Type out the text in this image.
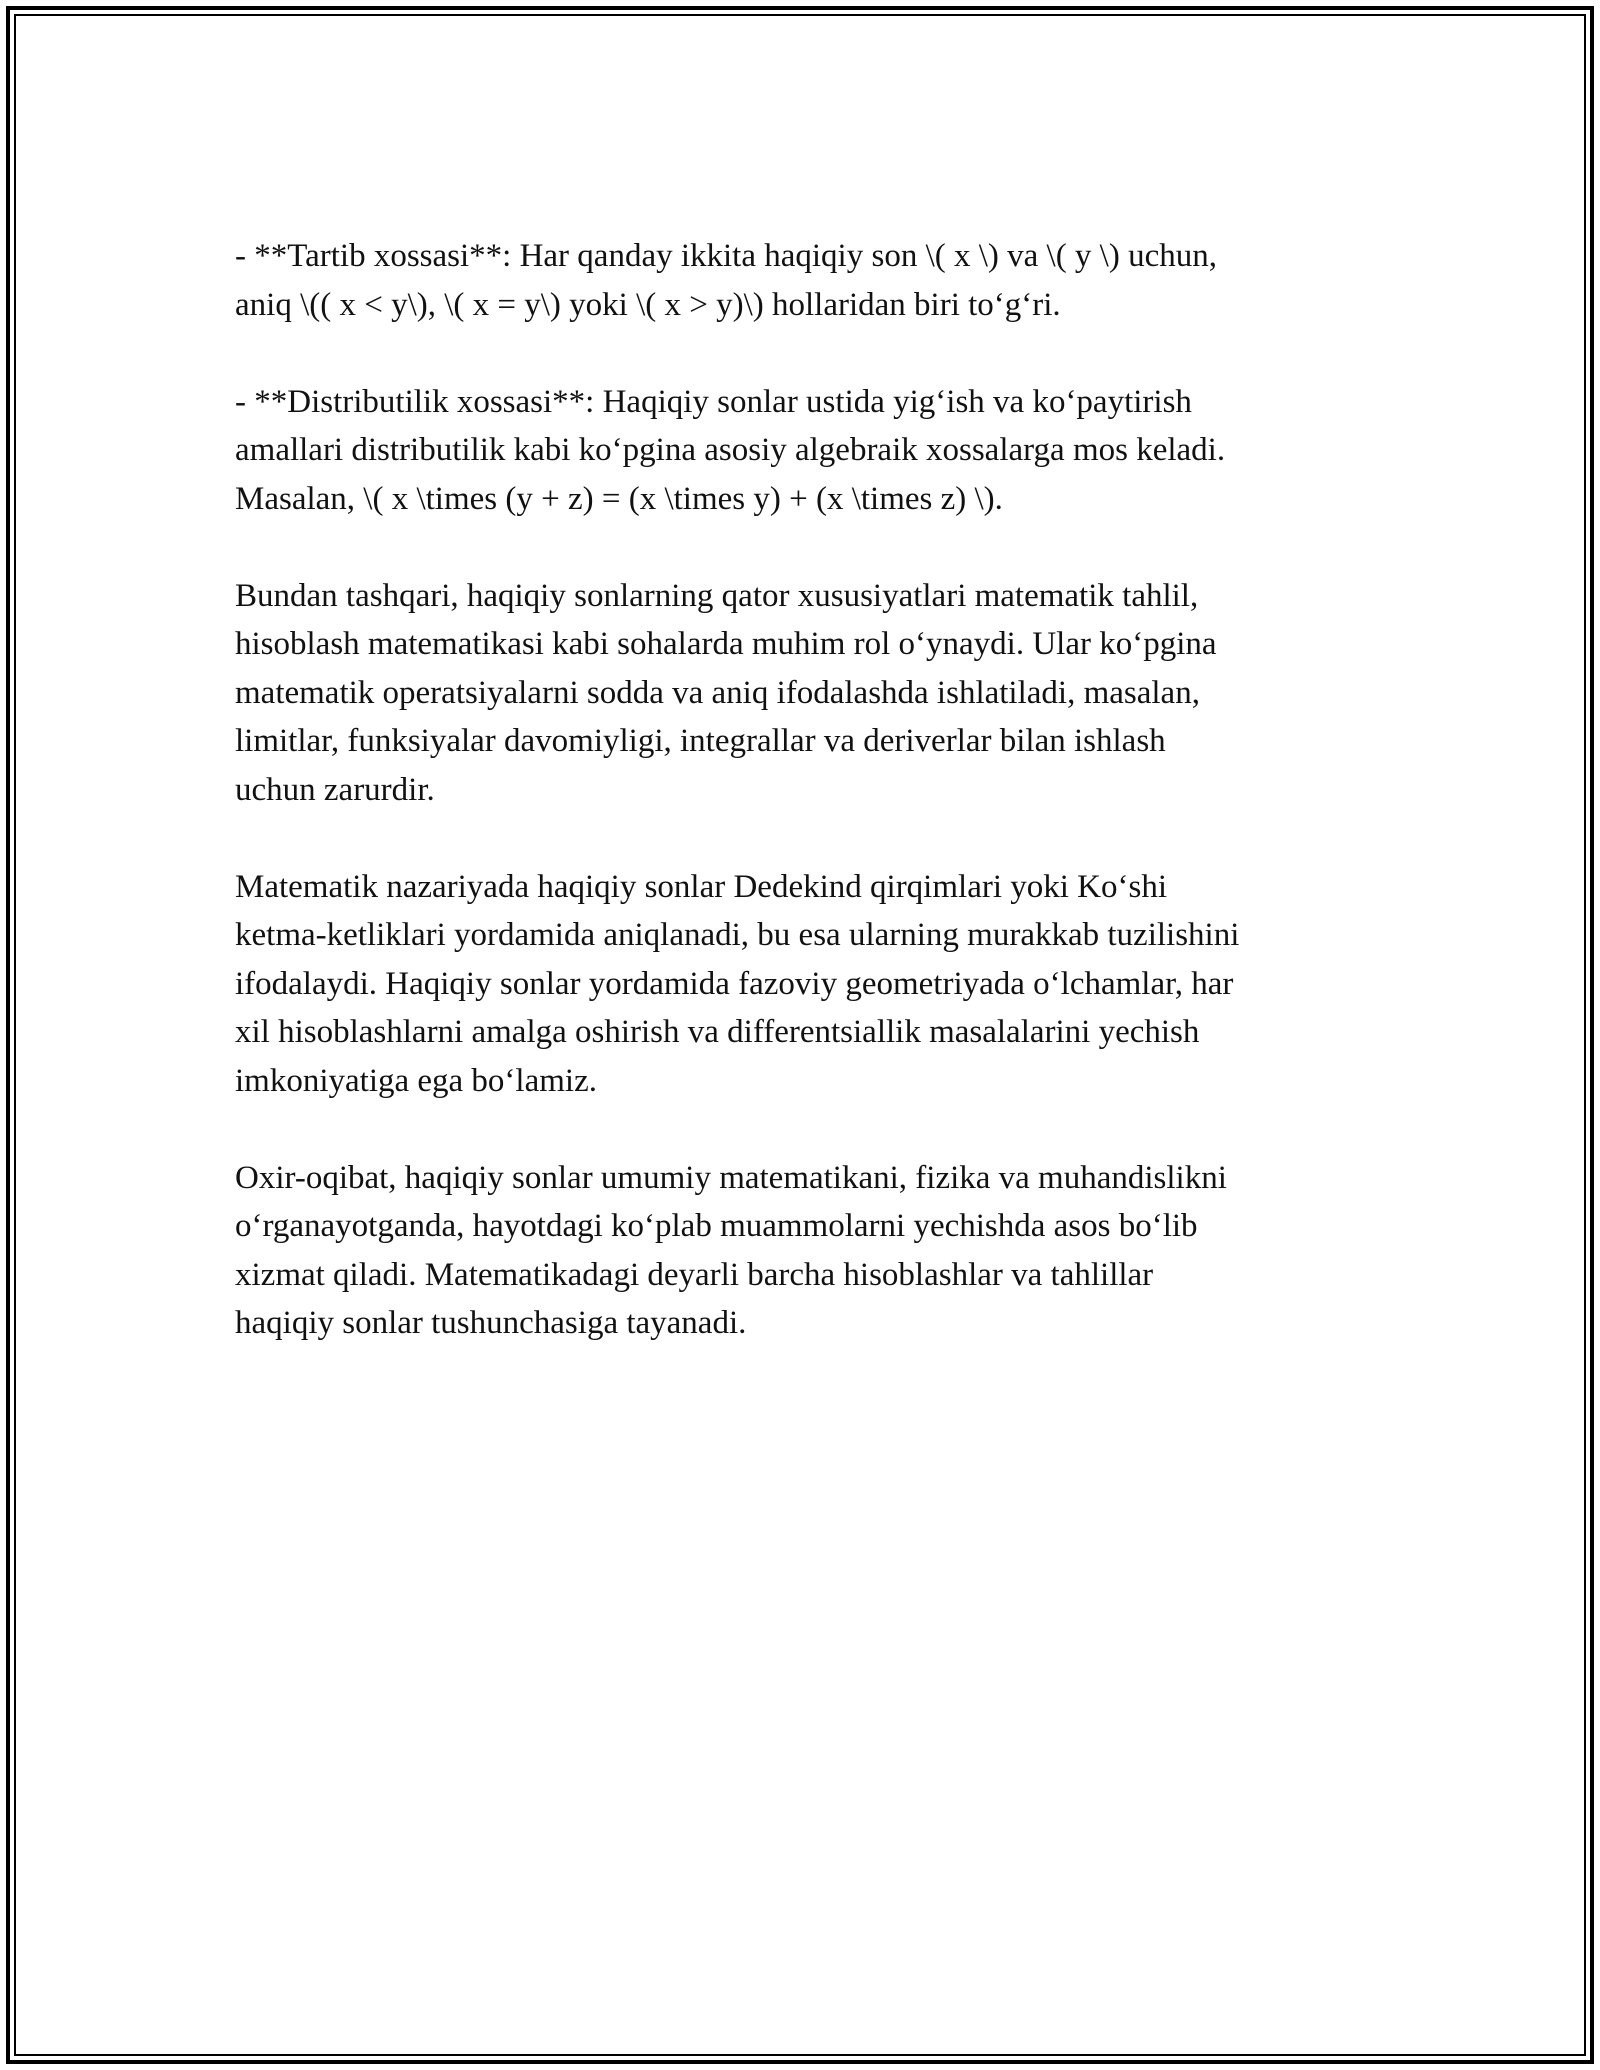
- **Tartib xossasi**: Har qanday ikkita haqiqiy son \( x \) va \( y \) uchun,
aniq \(( x < y\), \( x = y\) yoki \( x > y)\) hollaridan biri to‘g‘ri.

- **Distributilik xossasi**: Haqiqiy sonlar ustida yig‘ish va ko‘paytirish
amallari distributilik kabi ko‘pgina asosiy algebraik xossalarga mos keladi.
Masalan, \( x \times (y + z) = (x \times y) + (x \times z) \).

Bundan tashqari, haqiqiy sonlarning qator xususiyatlari matematik tahlil,
hisoblash matematikasi kabi sohalarda muhim rol o‘ynaydi. Ular ko‘pgina
matematik operatsiyalarni sodda va aniq ifodalashda ishlatiladi, masalan,
limitlar, funksiyalar davomiyligi, integrallar va deriverlar bilan ishlash
uchun zarurdir.

Matematik nazariyada haqiqiy sonlar Dedekind qirqimlari yoki Ko‘shi
ketma-ketliklari yordamida aniqlanadi, bu esa ularning murakkab tuzilishini
ifodalaydi. Haqiqiy sonlar yordamida fazoviy geometriyada o‘lchamlar, har
xil hisoblashlarni amalga oshirish va differentsiallik masalalarini yechish
imkoniyatiga ega bo‘lamiz.

Oxir-oqibat, haqiqiy sonlar umumiy matematikani, fizika va muhandislikni
o‘rganayotganda, hayotdagi ko‘plab muammolarni yechishda asos bo‘lib
xizmat qiladi. Matematikadagi deyarli barcha hisoblashlar va tahlillar
haqiqiy sonlar tushunchasiga tayanadi.
